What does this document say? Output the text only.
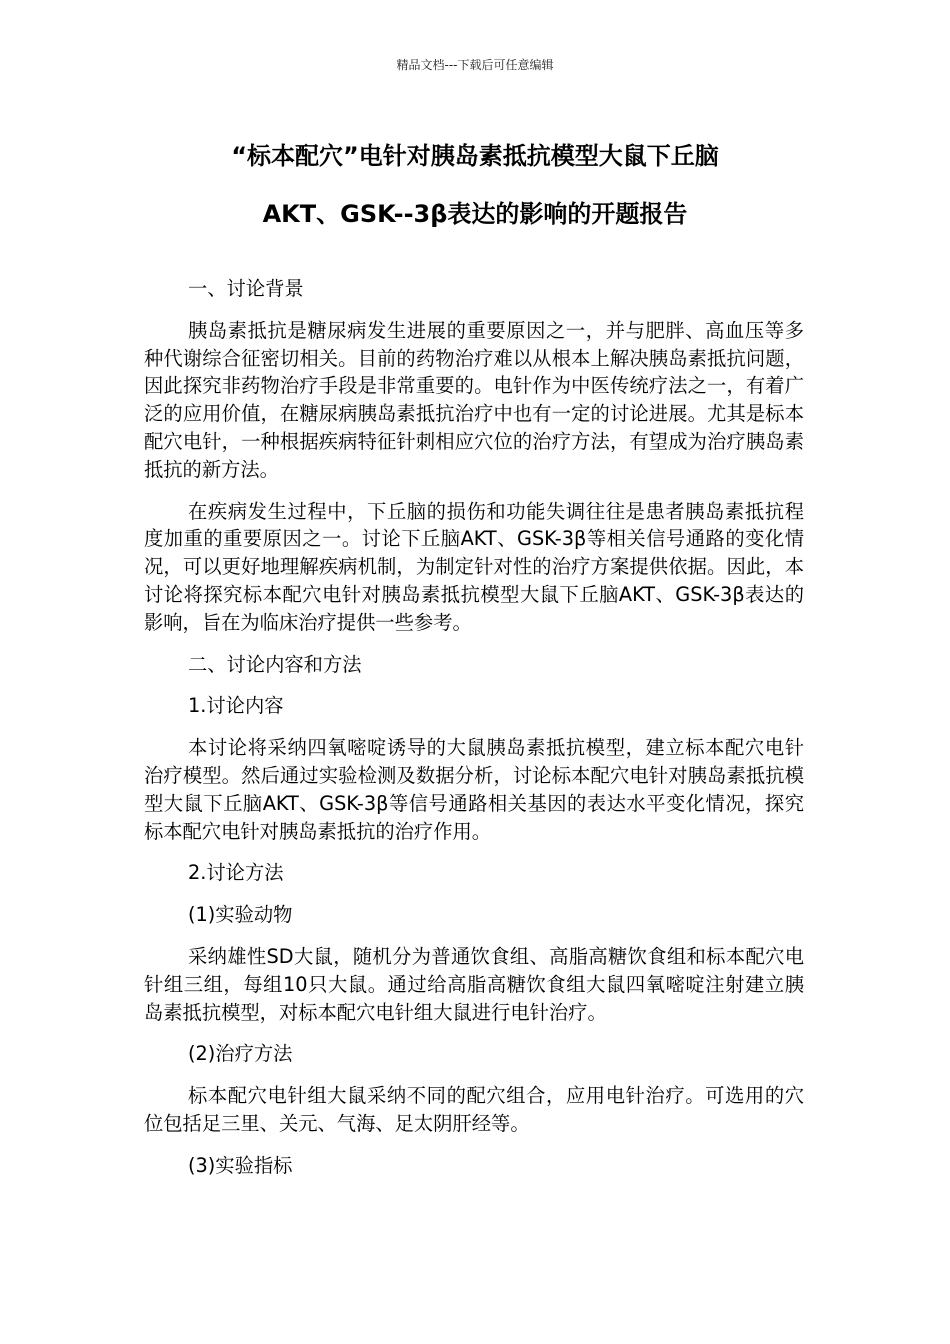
精品文档---下载后可任意编辑
“标本配穴”电针对胰岛素抵抗模型大鼠下丘脑
AKT、GSK--3β表达的影响的开题报告

一、讨论背景

胰岛素抵抗是糖尿病发生进展的重要原因之一，并与肥胖、高血压等多种代谢综合征密切相关。目前的药物治疗难以从根本上解决胰岛素抵抗问题，因此探究非药物治疗手段是非常重要的。电针作为中医传统疗法之一，有着广泛的应用价值，在糖尿病胰岛素抵抗治疗中也有一定的讨论进展。尤其是标本配穴电针，一种根据疾病特征针刺相应穴位的治疗方法，有望成为治疗胰岛素抵抗的新方法。

在疾病发生过程中，下丘脑的损伤和功能失调往往是患者胰岛素抵抗程度加重的重要原因之一。讨论下丘脑AKT、GSK-3β等相关信号通路的变化情况，可以更好地理解疾病机制，为制定针对性的治疗方案提供依据。因此，本讨论将探究标本配穴电针对胰岛素抵抗模型大鼠下丘脑AKT、GSK-3β表达的影响，旨在为临床治疗提供一些参考。

二、讨论内容和方法

1.讨论内容

本讨论将采纳四氧嘧啶诱导的大鼠胰岛素抵抗模型，建立标本配穴电针治疗模型。然后通过实验检测及数据分析，讨论标本配穴电针对胰岛素抵抗模型大鼠下丘脑AKT、GSK-3β等信号通路相关基因的表达水平变化情况，探究标本配穴电针对胰岛素抵抗的治疗作用。

2.讨论方法

(1)实验动物

采纳雄性SD大鼠，随机分为普通饮食组、高脂高糖饮食组和标本配穴电针组三组，每组10只大鼠。通过给高脂高糖饮食组大鼠四氧嘧啶注射建立胰岛素抵抗模型，对标本配穴电针组大鼠进行电针治疗。

(2)治疗方法

标本配穴电针组大鼠采纳不同的配穴组合，应用电针治疗。可选用的穴位包括足三里、关元、气海、足太阴肝经等。

(3)实验指标
